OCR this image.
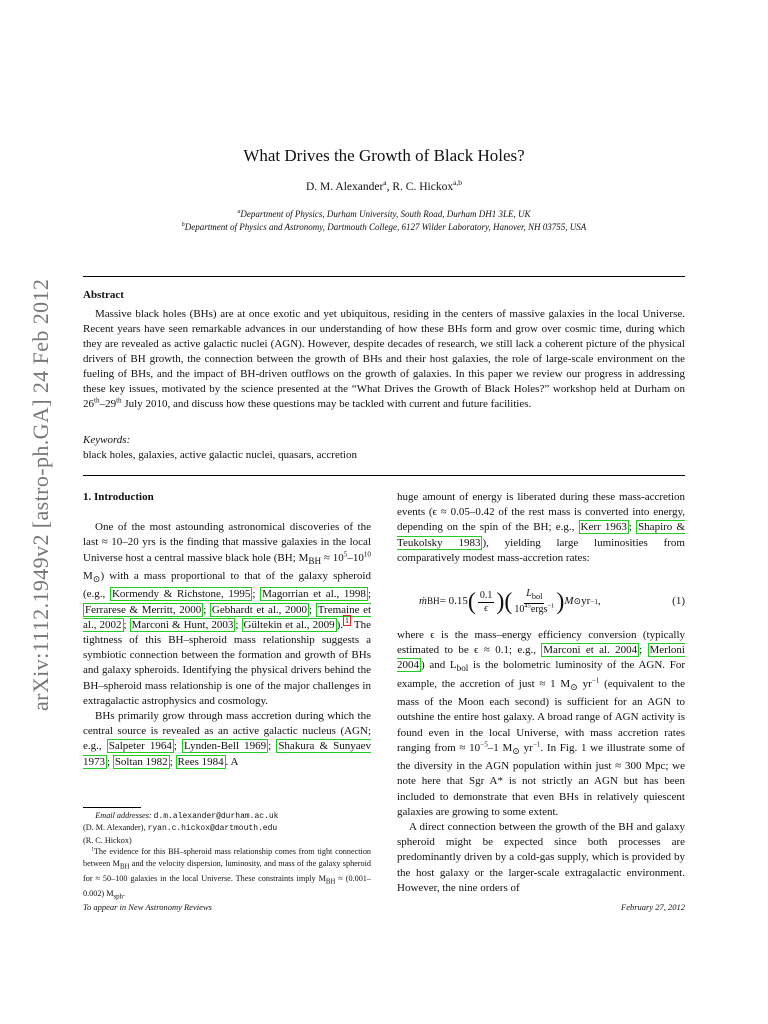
arXiv:1112.1949v2 [astro-ph.GA] 24 Feb 2012
What Drives the Growth of Black Holes?
D. M. Alexander$^a$, R. C. Hickox$^{a,b}$
$^a$Department of Physics, Durham University, South Road, Durham DH1 3LE, UK
$^b$Department of Physics and Astronomy, Dartmouth College, 6127 Wilder Laboratory, Hanover, NH 03755, USA
Abstract
Massive black holes (BHs) are at once exotic and yet ubiquitous, residing in the centers of massive galaxies in the local Universe. Recent years have seen remarkable advances in our understanding of how these BHs form and grow over cosmic time, during which they are revealed as active galactic nuclei (AGN). However, despite decades of research, we still lack a coherent picture of the physical drivers of BH growth, the connection between the growth of BHs and their host galaxies, the role of large-scale environment on the fueling of BHs, and the impact of BH-driven outflows on the growth of galaxies. In this paper we review our progress in addressing these key issues, motivated by the science presented at the “What Drives the Growth of Black Holes?” workshop held at Durham on 26th–29th July 2010, and discuss how these questions may be tackled with current and future facilities.
Keywords:
black holes, galaxies, active galactic nuclei, quasars, accretion
1. Introduction

One of the most astounding astronomical discoveries of the last ≈ 10–20 yrs is the finding that massive galaxies in the local Universe host a central massive black hole (BH; $M_{BH} \approx 10^5-10^{10}$ $M_⊙$) with a mass proportional to that of the galaxy spheroid (e.g., Kormendy & Richstone, 1995 ; Magorrian et al., 1998 ; Ferrarese & Merritt, 2000 ; Gebhardt et al., 2000 ; Tremaine et al., 2002 ; Marconi & Hunt, 2003 ; Gültekin et al., 2009 ). $^1$ The tightness of this BH–spheroid mass relationship suggests a symbiotic connection between the formation and growth of BHs and galaxy spheroids. Identifying the physical drivers behind the BH–spheroid mass relationship is one of the major challenges in extragalactic astrophysics and cosmology.

BHs primarily grow through mass accretion during which the central source is revealed as an active galactic nucleus (AGN; e.g., Salpeter 1964 ; Lynden-Bell 1969 ; Shakura & Sunyaev 1973 ; Soltan 1982 ; Rees 1984 . A

Email addresses: d.m.alexander@durham.ac.uk
(D. M. Alexander), ryan.c.hickox@dartmouth.edu
(R. C. Hickox)
$^1$The evidence for this BH–spheroid mass relationship comes from tight connection between $M_{BH}$ and the velocity dispersion, luminosity, and mass of the galaxy spheroid for ≈ 50–100 galaxies in the local Universe. These constraints imply $M_{BH} \approx (0.001-0.002)$ $M_{sph}$.

huge amount of energy is liberated during these mass-accretion events (ϵ ≈ 0.05–0.42 of the rest mass is converted into energy, depending on the spin of the BH; e.g., Kerr 1963 ; Shapiro & Teukolsky 1983 ), yielding large luminosities from comparatively modest mass-accretion rates:

ṁ BH = 0.15 ( $\frac{0.1}{\epsilon}$ ) ( $\frac{L_{bol}}{10^{45}ergs^{-1}}$ ) M ⊙ yr −1 ,	(1)

where ϵ is the mass–energy efficiency conversion (typically estimated to be ϵ ≈ 0.1; e.g., Marconi et al. 2004 ; Merloni 2004 ) and $L_{bol}$ is the bolometric luminosity of the AGN. For example, the accretion of just ≈ 1 $M_⊙$ $yr^{-1}$ (equivalent to the mass of the Moon each second) is sufficient for an AGN to outshine the entire host galaxy. A broad range of AGN activity is found even in the local Universe, with mass accretion rates ranging from ≈ $10^{-5}-1$ $M_⊙$ $yr^{-1}$. In Fig. 1 we illustrate some of the diversity in the AGN population within just ≈ 300 Mpc; we note here that Sgr A* is not strictly an AGN but has been included to demonstrate that even BHs in relatively quiescent galaxies are growing to some extent.

A direct connection between the growth of the BH and galaxy spheroid might be expected since both processes are predominantly driven by a cold-gas supply, which is provided by the host galaxy or the larger-scale extragalactic environment. However, the nine orders of

To appear in New Astronomy Reviews	February 27, 2012
